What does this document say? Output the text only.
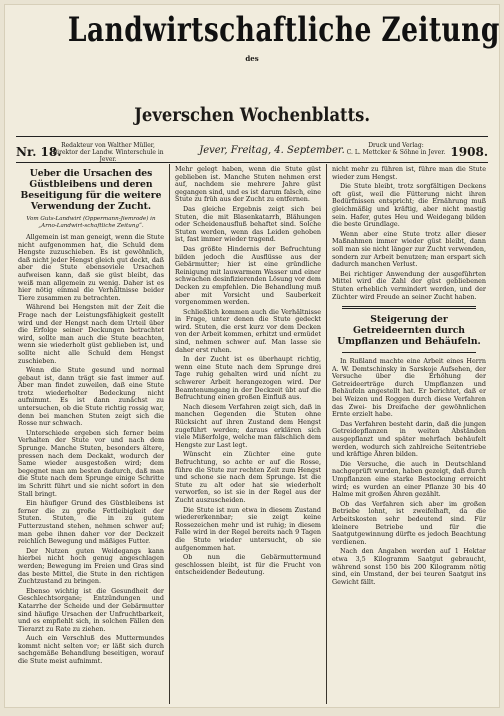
Landwirtschaftliche Zeitung
des
Jeverschen Wochenblatts.
Nr. 18. Redakteur von Walther Müller,
Direktor der Landw. Winterschule in Jever.
Jever, Freitag, 4. September.	Druck und Verlag:
C. L. Mettcker & Söhne in Jever. 1908.
Ueber die Ursachen des Güstbleibens und deren Beseitigung für die weitere Verwendung der Zucht.
Vom Guts-Landwirt (Oppermann-Jiemrode) in „Arno-Landwirt-schaftliche Zeitung“.

Allgemein ist man geneigt, wenn die Stute nicht aufgenommen hat, die Schuld dem Hengste zuzuschieben. Es ist gewöhnlich, daß nicht jeder Hengst gleich gut deckt, daß aber die Stute ebensoviele Ursachen aufweisen kann, daß sie güst bleibt, das weiß man allgemein zu wenig. Daher ist es hier nötig einmal die Verhältnisse beider Tiere zusammen zu betrachten.

Während bei Hengsten mit der Zeit die Frage nach der Leistungsfähigkeit gestellt wird und der Hengst nach dem Urteil über die Erfolge seiner Deckungen betrachtet wird, sollte man auch die Stute beachten, wenn sie wiederholt güst geblieben ist, und sollte nicht alle Schuld dem Hengst zuschieben.

Wenn die Stute gesund und normal gebaut ist, dann trägt sie fast immer auf. Aber man findet zuweilen, daß eine Stute trotz wiederholter Bedeckung nicht aufnimmt. Es ist dann zunächst zu untersuchen, ob die Stute richtig rossig war, denn bei manchen Stuten zeigt sich die Rosse nur schwach.

Unterschiede ergeben sich ferner beim Verhalten der Stute vor und nach dem Sprunge. Manche Stuten, besonders ältere, pressen nach dem Deckakt, wodurch der Same wieder ausgestoßen wird; dem begegnet man am besten dadurch, daß man die Stute nach dem Sprunge einige Schritte im Schritt führt und sie nicht sofort in den Stall bringt.

Ein häufiger Grund des Güstbleibens ist ferner die zu große Fettleibigkeit der Stuten. Stuten, die in zu gutem Futterzustand stehen, nehmen schwer auf; man gebe ihnen daher vor der Deckzeit reichlich Bewegung und mäßiges Futter.

Der Nutzen guten Weidegangs kann hierbei nicht hoch genug angeschlagen werden; Bewegung im Freien und Gras sind das beste Mittel, die Stute in den richtigen Zuchtzustand zu bringen.

Ebenso wichtig ist die Gesundheit der Geschlechtsorgane; Entzündungen und Katarrhe der Scheide und der Gebärmutter sind häufige Ursachen der Unfruchtbarkeit, und es empfiehlt sich, in solchen Fällen den Tierarzt zu Rate zu ziehen.

Auch ein Verschluß des Muttermundes kommt nicht selten vor; er läßt sich durch sachgemäße Behandlung beseitigen, worauf die Stute meist aufnimmt.

Mehr gelegt haben, wenn die Stute güst geblieben ist. Manche Stuten nehmen erst auf, nachdem sie mehrere Jahre güst gegangen sind, und es ist darum falsch, eine Stute zu früh aus der Zucht zu entfernen.

Das gleiche Ergebnis zeigt sich bei Stuten, die mit Blasenkatarrh, Blähungen oder Scheidenausfluß behaftet sind. Solche Stuten werden, wenn das Leiden gehoben ist, fast immer wieder tragend.

Das größte Hindernis der Befruchtung bilden jedoch die Ausflüsse aus der Gebärmutter; hier ist eine gründliche Reinigung mit lauwarmem Wasser und einer schwachen desinfizierenden Lösung vor dem Decken zu empfehlen. Die Behandlung muß aber mit Vorsicht und Sauberkeit vorgenommen werden.

Schließlich kommen auch die Verhältnisse in Frage, unter denen die Stute gedeckt wird. Stuten, die erst kurz vor dem Decken von der Arbeit kommen, erhitzt und ermüdet sind, nehmen schwer auf. Man lasse sie daher erst ruhen.

In der Zucht ist es überhaupt richtig, wenn eine Stute nach dem Sprunge drei Tage ruhig gehalten wird und nicht zu schwerer Arbeit herangezogen wird. Der Beamtenumgang in der Deckzeit übt auf die Befruchtung einen großen Einfluß aus.

Nach diesem Verfahren zeigt sich, daß in manchen Gegenden die Stuten ohne Rücksicht auf ihren Zustand dem Hengst zugeführt werden; daraus erklären sich viele Mißerfolge, welche man fälschlich dem Hengste zur Last legt.

Wünscht ein Züchter eine gute Befruchtung, so achte er auf die Rosse, führe die Stute zur rechten Zeit zum Hengst und schone sie nach dem Sprunge. Ist die Stute zu alt oder hat sie wiederholt verworfen, so ist sie in der Regel aus der Zucht auszuscheiden.

Die Stute ist nun etwa in diesem Zustand wiedererkennbar; sie zeigt keine Rossezeichen mehr und ist ruhig; in diesem Falle wird in der Regel bereits nach 9 Tagen die Stute wieder untersucht, ob sie aufgenommen hat.

Ob nun die Gebärmuttermund geschlossen bleibt, ist für die Frucht von entscheidender Bedeutung.

nicht mehr zu führen ist, führe man die Stute wieder zum Hengst.

Die Stute bleibt, trotz sorgfältigen Deckens oft güst, weil die Fütterung nicht ihren Bedürfnissen entspricht; die Ernährung muß gleichmäßig und kräftig, aber nicht mastig sein. Hafer, gutes Heu und Weidegang bilden die beste Grundlage.

Wenn aber eine Stute trotz aller dieser Maßnahmen immer wieder güst bleibt, dann soll man sie nicht länger zur Zucht verwenden, sondern zur Arbeit benutzen; man erspart sich dadurch manchen Verlust.

Bei richtiger Anwendung der ausgeführten Mittel wird die Zahl der güst gebliebenen Stuten erheblich vermindert werden, und der Züchter wird Freude an seiner Zucht haben.

Steigerung der Getreideernten durch Umpflanzen und Behäufeln.

In Rußland machte eine Arbeit eines Herrn A. W. Demtschinsky in Sarskoje Aufsehen, der Versuche über die Erhöhung der Getreideerträge durch Umpflanzen und Behäufeln angestellt hat. Er berichtet, daß er bei Weizen und Roggen durch diese Verfahren das Zwei- bis Dreifache der gewöhnlichen Ernte erzielt habe.

Das Verfahren besteht darin, daß die jungen Getreidepflanzen in weiten Abständen ausgepflanzt und später mehrfach behäufelt werden, wodurch sich zahlreiche Seitentriebe und kräftige Ähren bilden.

Die Versuche, die auch in Deutschland nachgeprüft wurden, haben gezeigt, daß durch Umpflanzen eine starke Bestockung erreicht wird; es wurden an einer Pflanze 30 bis 40 Halme mit großen Ähren gezählt.

Ob das Verfahren sich aber im großen Betriebe lohnt, ist zweifelhaft, da die Arbeitskosten sehr bedeutend sind. Für kleinere Betriebe und für die Saatgutgewinnung dürfte es jedoch Beachtung verdienen.

Nach den Angaben werden auf 1 Hektar etwa 3,5 Kilogramm Saatgut gebraucht, während sonst 150 bis 200 Kilogramm nötig sind, ein Umstand, der bei teuren Saatgut ins Gewicht fällt.
